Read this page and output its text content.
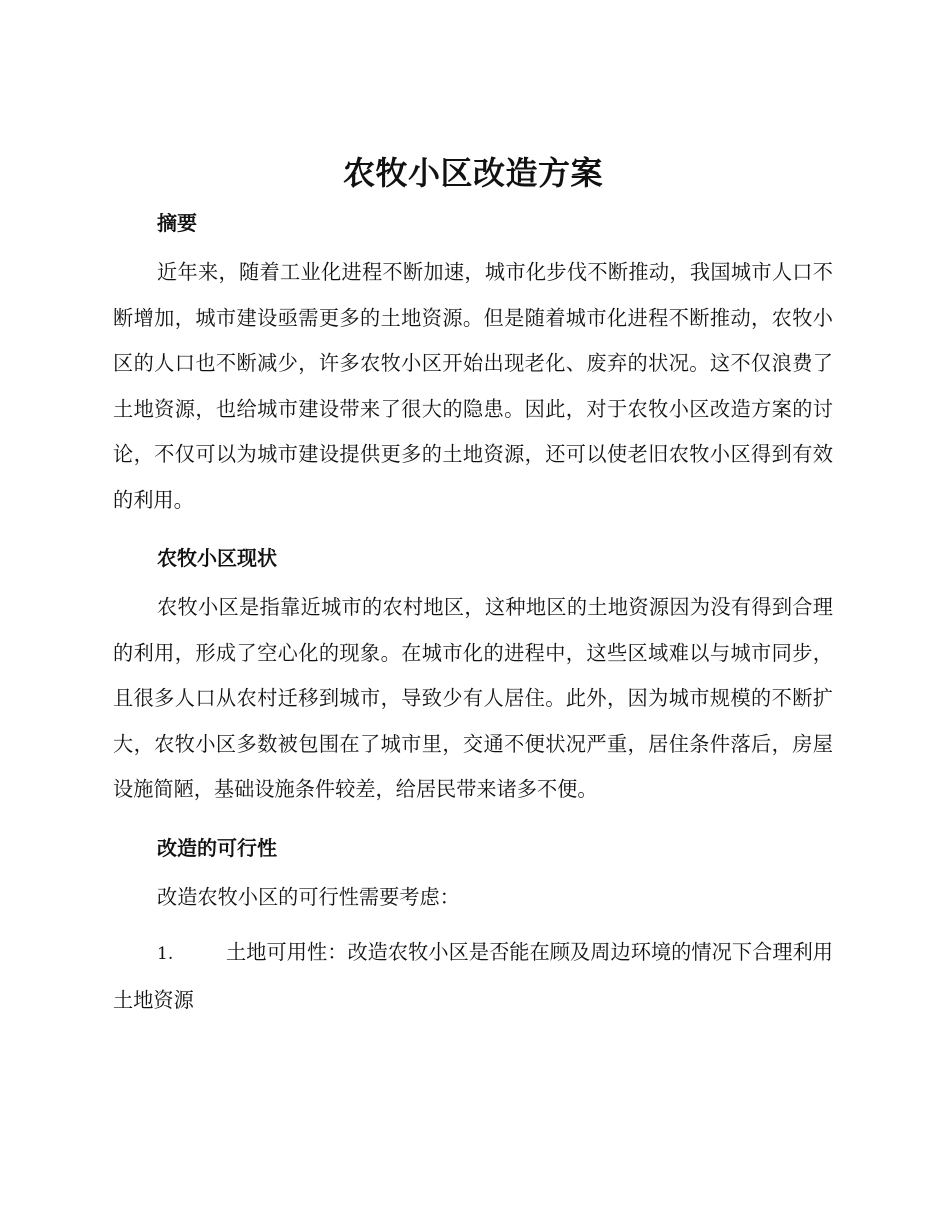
农牧小区改造方案
摘要

近年来，随着工业化进程不断加速，城市化步伐不断推动，我国城市人口不断增加，城市建设亟需更多的土地资源。但是随着城市化进程不断推动，农牧小区的人口也不断减少，许多农牧小区开始出现老化、废弃的状况。这不仅浪费了土地资源，也给城市建设带来了很大的隐患。因此，对于农牧小区改造方案的讨论，不仅可以为城市建设提供更多的土地资源，还可以使老旧农牧小区得到有效的利用。

农牧小区现状

农牧小区是指靠近城市的农村地区，这种地区的土地资源因为没有得到合理的利用，形成了空心化的现象。在城市化的进程中，这些区域难以与城市同步，且很多人口从农村迁移到城市，导致少有人居住。此外，因为城市规模的不断扩大，农牧小区多数被包围在了城市里，交通不便状况严重，居住条件落后，房屋设施简陋，基础设施条件较差，给居民带来诸多不便。

改造的可行性

改造农牧小区的可行性需要考虑：

1.	土地可用性：改造农牧小区是否能在顾及周边环境的情况下合理利用土地资源
